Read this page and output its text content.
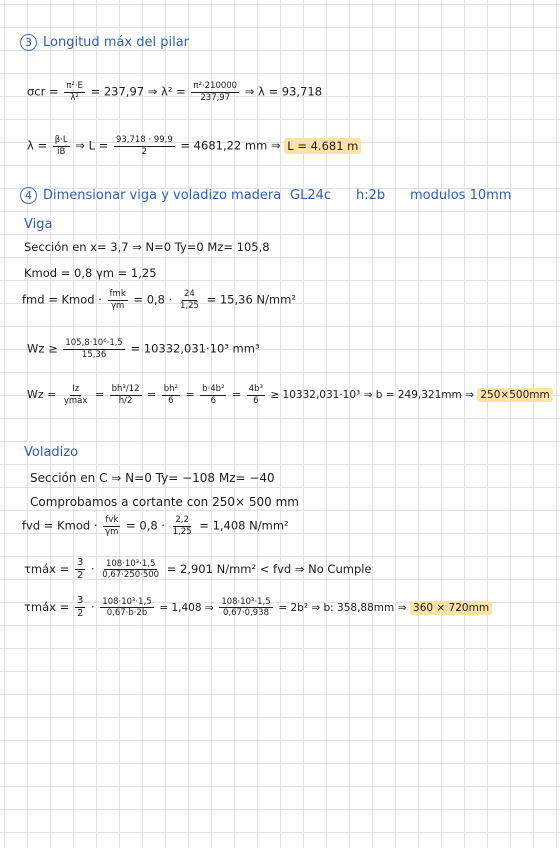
3 Longitud máx del pilar
$\sigma cr = \frac{\text{π²·E}}{\text{λ²}} = 237,97$ ⇒ $\lambda^2 = \frac{\text{π²·210000}}{237,97}$ ⇒ λ = 93,718
$\lambda = \frac{\beta\cdot L}{iB}$ ⇒ $L = \frac{93,718 \cdot 99,9}{2} = 4681,22$ mm ⇒ L = 4.681 m
4 Dimensionar viga y voladizo madera GL24c h:2b modulos 10mm
Viga
Sección en x= 3,7 ⇒ N=0 Ty=0 Mz= 105,8
Kmod = 0,8 γm = 1,25
fmd = Kmod · $\frac{\text{fmk}}{\gamma m} = 0,8 \cdot \frac{24}{1,25} = 15,36$ N/mm²
$Wz \ge \frac{\text{105,8·10⁶·1,5}}{15,36} = 10332,031\cdot 10^3$ mm³
$Wz = \frac{Iz}{\text{ymáx}} = \frac{\text{bh³/12}}{h/2} = \frac{\text{bh²}}{6} = \frac{\text{b·4b²}}{6} = \frac{\text{4b³}}{6} \ge 10332,031\cdot 10^3$ ⇒ b = 249,321mm ⇒ 250×500mm
Voladizo
Sección en C ⇒ N=0 Ty= −108 Mz= −40
Comprobamos a cortante con 250× 500 mm
fvd = Kmod · $\frac{\text{fvk}}{\gamma m} = 0,8 \cdot \frac{2,2}{1,25} = 1,408$ N/mm²
τmáx = $\frac{3}{2} \cdot \frac{\text{108·10³·1,5}}{0,67\cdot 250\cdot 500} = 2,901$ N/mm² < fvd ⇒ No Cumple
τmáx = $\frac{3}{2} \cdot \frac{\text{108·10³·1,5}}{0,67\cdot b\cdot 2b} = 1,408$ ⇒ $\frac{\text{108·10³·1,5}}{0,67\cdot 0,938} = 2b^2$ ⇒ b: 358,88mm ⇒ 360 × 720mm
